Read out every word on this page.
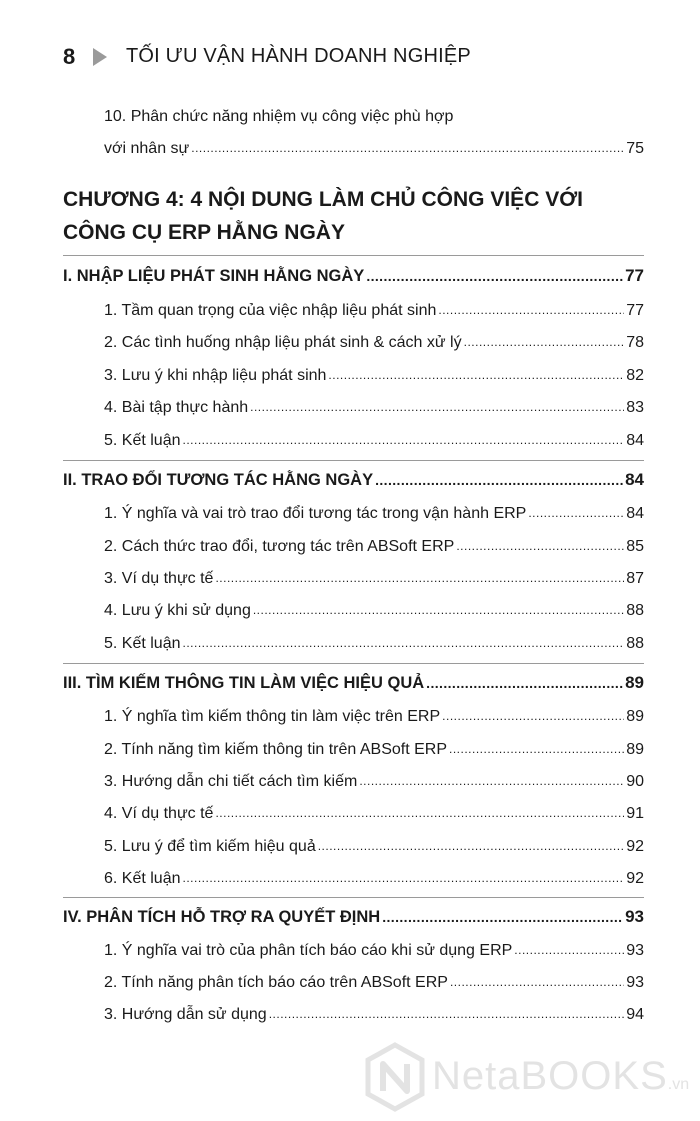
8	TỐI ƯU VẬN HÀNH DOANH NGHIỆP
10. Phân chức năng nhiệm vụ công việc phù hợp
với nhân sự .....	75
CHƯƠNG 4: 4 NỘI DUNG LÀM CHỦ CÔNG VIỆC VỚI
CÔNG CỤ ERP HẰNG NGÀY
I. NHẬP LIỆU PHÁT SINH HẰNG NGÀY .....	77
1. Tầm quan trọng của việc nhập liệu phát sinh .....	77
2. Các tình huống nhập liệu phát sinh & cách xử lý .....	78
3. Lưu ý khi nhập liệu phát sinh .....	82
4. Bài tập thực hành .....	83
5. Kết luận .....	84
II. TRAO ĐỔI TƯƠNG TÁC HẰNG NGÀY .....	84
1. Ý nghĩa và vai trò trao đổi tương tác trong vận hành ERP .....	84
2. Cách thức trao đổi, tương tác trên ABSoft ERP .....	85
3. Ví dụ thực tế .....	87
4. Lưu ý khi sử dụng .....	88
5. Kết luận .....	88
III. TÌM KIẾM THÔNG TIN LÀM VIỆC HIỆU QUẢ .....	89
1. Ý nghĩa tìm kiếm thông tin làm việc trên ERP .....	89
2. Tính năng tìm kiếm thông tin trên ABSoft ERP .....	89
3. Hướng dẫn chi tiết cách tìm kiếm .....	90
4. Ví dụ thực tế .....	91
5. Lưu ý để tìm kiếm hiệu quả .....	92
6. Kết luận .....	92
IV. PHÂN TÍCH HỖ TRỢ RA QUYẾT ĐỊNH .....	93
1. Ý nghĩa vai trò của phân tích báo cáo khi sử dụng ERP .....	93
2. Tính năng phân tích báo cáo trên ABSoft ERP .....	93
3. Hướng dẫn sử dụng .....	94
NetaBOOKS.vn
